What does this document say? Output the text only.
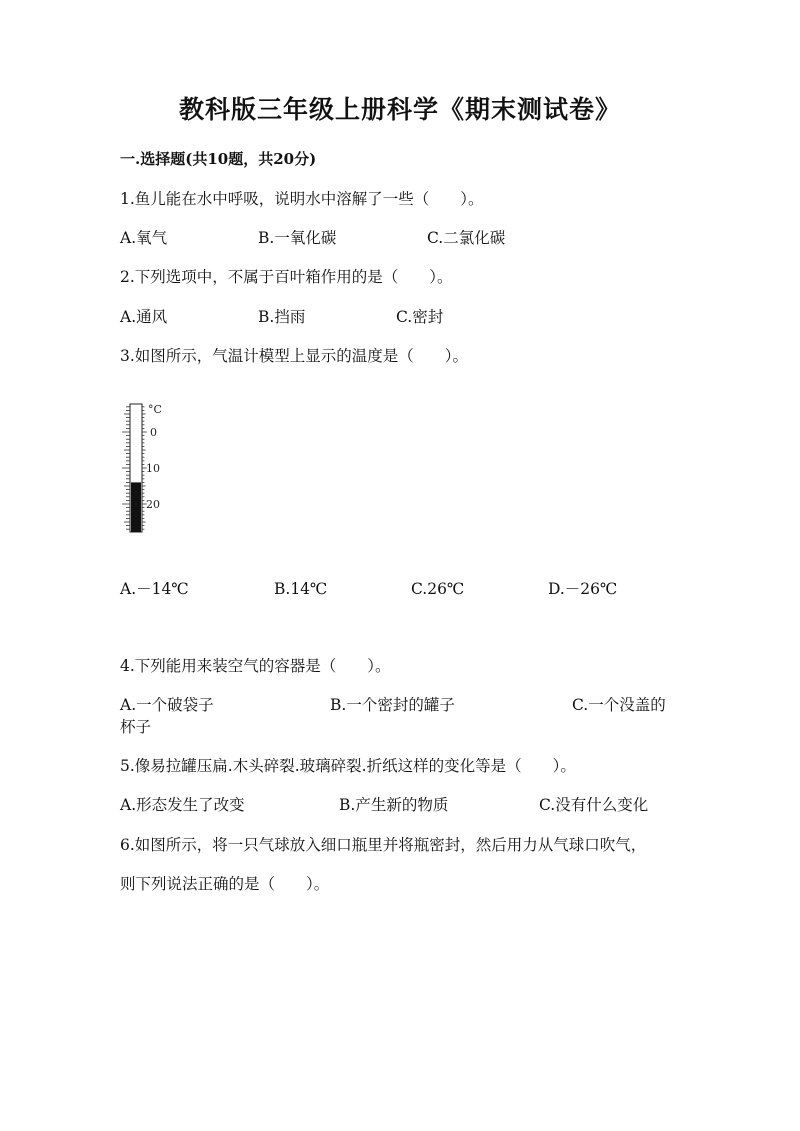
教科版三年级上册科学《期末测试卷》
一.选择题(共10题，共20分)
1.鱼儿能在水中呼吸，说明水中溶解了一些（　　）。
A.氧气	B.一氧化碳	C.二氯化碳
2.下列选项中，不属于百叶箱作用的是（　　）。
A.通风	B.挡雨	C.密封
3.如图所示，气温计模型上显示的温度是（　　）。
°C
0
10
20
A.－14℃	B.14℃	C.26℃	D.－26℃
4.下列能用来装空气的容器是（　　）。
A.一个破袋子	B.一个密封的罐子	C.一个没盖的
杯子
5.像易拉罐压扁.木头碎裂.玻璃碎裂.折纸这样的变化等是（　　）。
A.形态发生了改变	B.产生新的物质	C.没有什么变化
6.如图所示，将一只气球放入细口瓶里并将瓶密封，然后用力从气球口吹气，
则下列说法正确的是（　　）。
